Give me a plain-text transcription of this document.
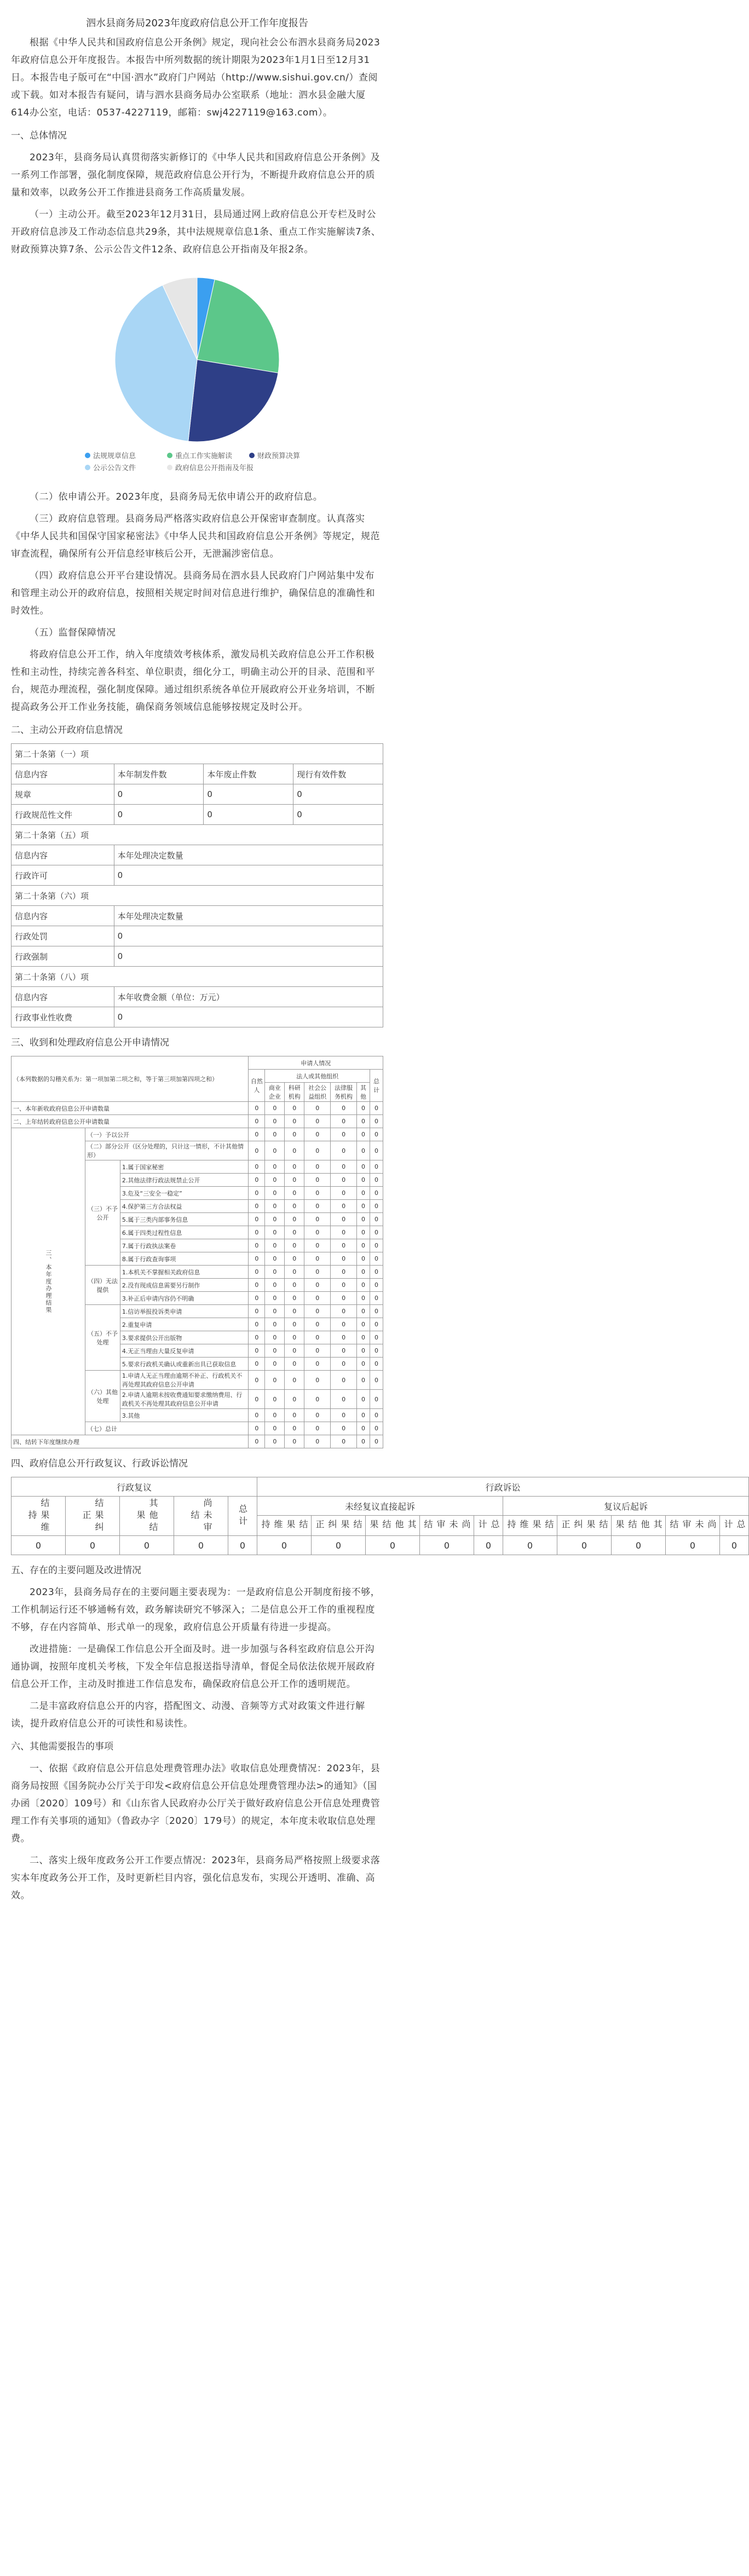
泗水县商务局2023年度政府信息公开工作年度报告

根据《中华人民共和国政府信息公开条例》规定，现向社会公布泗水县商务局2023年政府信息公开年度报告。本报告中所列数据的统计期限为2023年1月1日至12月31日。本报告电子版可在“中国·泗水”政府门户网站（http://www.sishui.gov.cn/）查阅或下载。如对本报告有疑问，请与泗水县商务局办公室联系（地址：泗水县金融大厦614办公室，电话：0537-4227119，邮箱：swj4227119@163.com）。

一、总体情况

2023年，县商务局认真贯彻落实新修订的《中华人民共和国政府信息公开条例》及一系列工作部署，强化制度保障，规范政府信息公开行为，不断提升政府信息公开的质量和效率，以政务公开工作推进县商务工作高质量发展。

（一）主动公开。截至2023年12月31日，县局通过网上政府信息公开专栏及时公开政府信息涉及工作动态信息共29条，其中法规规章信息1条、重点工作实施解读7条、财政预算决算7条、公示公告文件12条、政府信息公开指南及年报2条。

法规规章信息	重点工作实施解读	财政预算决算
公示公告文件	政府信息公开指南及年报

（二）依申请公开。2023年度，县商务局无依申请公开的政府信息。

（三）政府信息管理。县商务局严格落实政府信息公开保密审查制度。认真落实《中华人民共和国保守国家秘密法》《中华人民共和国政府信息公开条例》等规定，规范审查流程，确保所有公开信息经审核后公开，无泄漏涉密信息。

（四）政府信息公开平台建设情况。县商务局在泗水县人民政府门户网站集中发布和管理主动公开的政府信息，按照相关规定时间对信息进行维护，确保信息的准确性和时效性。

（五）监督保障情况

将政府信息公开工作，纳入年度绩效考核体系，激发局机关政府信息公开工作积极性和主动性，持续完善各科室、单位职责，细化分工，明确主动公开的目录、范围和平台，规范办理流程，强化制度保障。通过组织系统各单位开展政府公开业务培训，不断提高政务公开工作业务技能，确保商务领域信息能够按规定及时公开。

二、主动公开政府信息情况
第二十条第（一）项			
信息内容	本年制发件数	本年废止件数	现行有效件数
规章	0	0	0
行政规范性文件	0	0	0
第二十条第（五）项			
信息内容	本年处理决定数量		
行政许可	0		
第二十条第（六）项			
信息内容	本年处理决定数量		
行政处罚	0		
行政强制	0		
第二十条第（八）项			
信息内容	本年收费金额（单位：万元）		
行政事业性收费	0		
三、收到和处理政府信息公开申请情况
（本列数据的勾稽关系为：第一项加第二项之和，等于第三项加第四项之和）			申请人情况						
			自然人	法人或其他组织					总计
				商业企业	科研机构	社会公益组织	法律服务机构	其他	
一、本年新收政府信息公开申请数量			0	0	0	0	0	0	0
二、上年结转政府信息公开申请数量			0	0	0	0	0	0	0
三、本年度办理结果	（一）予以公开		0	0	0	0	0	0	0
	（二）部分公开（区分处理的，只计这一情形，不计其他情形）		0	0	0	0	0	0	0
	（三）不予公开	1.属于国家秘密	0	0	0	0	0	0	0
		2.其他法律行政法规禁止公开	0	0	0	0	0	0	0
		3.危及“三安全一稳定”	0	0	0	0	0	0	0
		4.保护第三方合法权益	0	0	0	0	0	0	0
		5.属于三类内部事务信息	0	0	0	0	0	0	0
		6.属于四类过程性信息	0	0	0	0	0	0	0
		7.属于行政执法案卷	0	0	0	0	0	0	0
		8.属于行政查询事项	0	0	0	0	0	0	0
	（四）无法提供	1.本机关不掌握相关政府信息	0	0	0	0	0	0	0
		2.没有现成信息需要另行制作	0	0	0	0	0	0	0
		3.补正后申请内容仍不明确	0	0	0	0	0	0	0
	（五）不予处理	1.信访举报投诉类申请	0	0	0	0	0	0	0
		2.重复申请	0	0	0	0	0	0	0
		3.要求提供公开出版物	0	0	0	0	0	0	0
		4.无正当理由大量反复申请	0	0	0	0	0	0	0
		5.要求行政机关确认或重新出具已获取信息	0	0	0	0	0	0	0
	（六）其他处理	1.申请人无正当理由逾期不补正、行政机关不再处理其政府信息公开申请	0	0	0	0	0	0	0
		2.申请人逾期未按收费通知要求缴纳费用、行政机关不再处理其政府信息公开申请	0	0	0	0	0	0	0
		3.其他	0	0	0	0	0	0	0
	（七）总计		0	0	0	0	0	0	0
四、结转下年度继续办理			0	0	0	0	0	0	0
四、政府信息公开行政复议、行政诉讼情况
行政复议					行政诉讼									
结果维持	结果纠正	其他结果	尚未审结	总计	未经复议直接起诉					复议后起诉				
					结果维持	结果纠正	其他结果	尚未审结	总计	结果维持	结果纠正	其他结果	尚未审结	总计
0	0	0	0	0	0	0	0	0	0	0	0	0	0	0
五、存在的主要问题及改进情况

2023年，县商务局存在的主要问题主要表现为：一是政府信息公开制度衔接不够，工作机制运行还不够通畅有效，政务解读研究不够深入；二是信息公开工作的重视程度不够，存在内容简单、形式单一的现象，政府信息公开质量有待进一步提高。

改进措施：一是确保工作信息公开全面及时。进一步加强与各科室政府信息公开沟通协调，按照年度机关考核，下发全年信息报送指导清单，督促全局依法依规开展政府信息公开工作，主动及时推进工作信息发布，确保政府信息公开工作的透明规范。

二是丰富政府信息公开的内容，搭配图文、动漫、音频等方式对政策文件进行解读，提升政府信息公开的可读性和易读性。

六、其他需要报告的事项

一、依据《政府信息公开信息处理费管理办法》收取信息处理费情况：2023年，县商务局按照《国务院办公厅关于印发<政府信息公开信息处理费管理办法>的通知》（国办函〔2020〕109号）和《山东省人民政府办公厅关于做好政府信息公开信息处理费管理工作有关事项的通知》（鲁政办字〔2020〕179号）的规定，本年度未收取信息处理费。

二、落实上级年度政务公开工作要点情况：2023年，县商务局严格按照上级要求落实本年度政务公开工作，及时更新栏目内容，强化信息发布，实现公开透明、准确、高效。
